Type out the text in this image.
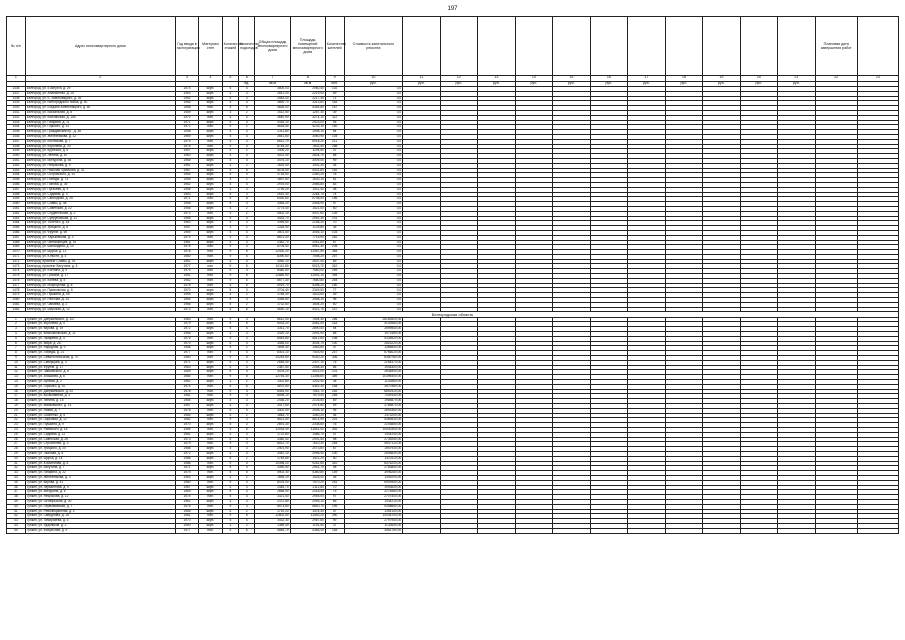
197
№ п/п	Адрес многоквартирного дома	Год ввода в эксплуатацию	Материал стен	Количество этажей	Количество подъездов	Общая площадь многоквартирного дома	Площадь помещений многоквартирного дома	Количество жителей	Стоимость капитального ремонта												Плановая дата завершения работ	
1	2	3	4	5	6	7	8	9	10	11	12	13	14	15	16	17	18	19	20	21	22	23
					ед.	кв.м	кв.м	чел.	руб.	руб.	руб.	руб.	руб.	руб.	руб.	руб.	руб.	руб.	руб.	руб.		
1436	Белгород, ул. 5 Августа, д. 29	1974	кирп.	5	4	3500,03	2980,40	102	0,0													
1437	Белгород, ул. Апанасенко, д. 25	1963	кирп.	4	3	2641,00	2219,00	69	0,0													
1438	Белгород, ул. Б. Хмельницкого, д. 26	1962	кирп.	4	3	2583,40	2217,30	71	0,0													
1439	Белгород, ул. Белгородского полка, д. 40	1966	кирп.	5	4	3890,70	3313,60	118	0,0													
1440	Белгород, ул. Богдана Хмельницкого, д. 60	1968	пан.	5	6	4826,00	4354,80	167	0,0													
1441	Белгород, ул. Вокзальная, д. 8	1959	кирп.	3	2	1512,50	1287,30	39	0,0													
1442	Белгород, ул. Волчанская, д. 155	1970	пан.	5	4	3640,90	3274,10	112	0,0													
1443	Белгород, ул. Гагарина, д. 11	1971	кирп.	5	4	3316,10	2923,00	95	0,0													
1444	Белгород, ул. Горького, д. 51	1972	пан.	9	2	4618,50	4133,10	140	0,0													
1445	Белгород, ул. Гражданский пр., д. 38	1958	кирп.	4	3	2311,80	1998,10	64	0,0													
1446	Белгород, ул. Железнякова, д. 12	1969	кирп.	5	4	3541,60	3080,90	104	0,0													
1447	Белгород, ул. Костюкова, д. 7	1975	пан.	9	3	6812,70	6018,20	211	0,0													
1448	Белгород, ул. Королёва, д. 24	1976	пан.	9	4	8745,30	7802,40	268	0,0													
1449	Белгород, ул. Крупской, д. 5	1957	кирп.	3	2	1406,20	1194,50	37	0,0													
1450	Белгород, ул. Ленина, д. 67	1960	кирп.	4	4	3022,40	2604,70	88	0,0													
1451	Белгород, ул. Мичурина, д. 56	1965	кирп.	5	4	3475,10	3009,00	99	0,0													
1452	Белгород, ул. Некрасова, д. 9	1961	кирп.	4	2	1620,00	1402,30	45	0,0													
1453	Белгород, ул. Николая Чумичова, д. 31	1967	кирп.	5	6	5104,40	4431,60	152	0,0													
1454	Белгород, ул. Островского, д. 14	1964	кирп.	4	3	2718,90	2350,20	76	0,0													
1455	Белгород, ул. Победы, д. 73	1955	кирп.	4	2	1897,60	1630,10	51	0,0													
1456	Белгород, ул. Попова, д. 36	1962	кирп.	4	4	2975,00	2566,80	83	0,0													
1457	Белгород, ул. Пугачёва, д. 5	1958	кирп.	3	3	1739,20	1511,40	48	0,0													
1458	Белгород, ул. Садовая, д. 3	1963	кирп.	5	3	2610,30	2264,70	74	0,0													
1459	Белгород, ул. Свободная, д. 25	1971	пан.	5	8	6430,80	5708,50	196	0,0													
1460	Белгород, ул. Славы, д. 48	1968	кирп.	5	4	3384,20	2948,90	97	0,0													
1461	Белгород, ул. Советская, д. 22	1956	кирп.	4	2	1774,40	1521,00	50	0,0													
1462	Белгород, ул. Студенческая, д. 2	1973	пан.	9	2	4502,10	4007,60	139	0,0													
1463	Белгород, ул. Супруновская, д. 11	1966	кирп.	5	4	3433,70	2992,30	101	0,0													
1464	Белгород, ул. Толстого, д. 44	1960	кирп.	4	3	2495,60	2158,20	70	0,0													
1465	Белгород, ул. Урицкого, д. 8	1957	кирп.	3	2	1318,90	1129,80	35	0,0													
1466	Белгород, ул. Фрунзе, д. 69	1969	кирп.	5	4	3501,50	3046,10	103	0,0													
1467	Белгород, ул. Харьковская, д. 3	1974	пан.	9	4	8621,00	7715,90	262	0,0													
1468	Белгород, ул. Челюскинцев, д. 51	1961	кирп.	4	3	2382,70	2051,60	67	0,0													
1469	Белгород, ул. Шаландина, д. 10	1975	пан.	9	3	6705,40	5961,30	205	0,0													
1470	Белгород, ул. Щорса, д. 12	1978	пан.	9	6	12430,20	11087,50	384	0,0													
1471	Белгород, ул. Юности, д. 4	1980	пан.	9	4	8390,60	7498,20	257	0,0													
1472	Белгород, проспект Славы, д. 91	1962	кирп.	4	4	3060,10	2637,40	89	0,0													
1473	Белгород, проспект Ватутина, д. 4	1977	пан.	9	5	10112,80	9023,70	310	0,0													
1474	Белгород, ул. Есенина, д. 9	1979	пан.	9	4	8480,50	7580,00	259	0,0													
1475	Белгород, ул. Губкина, д. 17	1981	пан.	9	6	12880,90	11492,10	395	0,0													
1476	Белгород, ул. Конева, д. 5	1982	пан.	9	4	8577,30	7660,80	264	0,0													
1477	Белгород, ул. Мокроусова, д. 8	1976	пан.	5	6	4919,70	4398,20	150	0,0													
1478	Белгород, ул. Привольная, д. 6	1970	кирп.	5	3	2704,40	2349,50	77	0,0													
1479	Белгород, ул. Пушкина, д. 55	1959	кирп.	4	2	1785,30	1533,60	49	0,0													
1480	Белгород, ул. Рабочая, д. 14	1964	кирп.	5	4	3398,80	2958,10	98	0,0													
1481	Белгород, ул. Чапаева, д. 2	1966	кирп.	5	2	1732,60	1504,20	50	0,0													
1482	Белгород, ул. Широкая, д. 12	1973	пан.	5	6	4830,10	4321,70	147	0,0													
Белгородская область																						
1	Губкин, ул. Дзержинского, д. 107	1983	пан.	9	4	8612,40	7694,30	256	26182600,00													
2	Губкин, ул. Королёва, д. 5	1979	кирп.	5	6	5033,20	4481,50	143	4102680,00													
3	Губкин, ул. Кирова, д. 19	1972	кирп.	5	4	3311,70	2890,40	94	2699540,00													
4	Губкин, ул. Комсомольская, д. 11	1968	кирп.	4	3	2420,10	2091,90	68	1972480,00													
5	Губкин, ул. Лазарева, д. 4	1975	пан.	9	3	6544,80	5812,60	198	5335920,00													
6	Губкин, ул. Мира, д. 28	1970	кирп.	5	4	3455,00	3004,70	100	2816220,00													
7	Губкин, ул. Народная, д. 9	1966	кирп.	4	2	1699,30	1463,80	47	1385840,00													
8	Губкин, ул. Победы, д. 21	1977	пан.	9	4	8301,10	7403,90	247	6766020,00													
9	Губкин, ул. Севастопольская, д. 70	1980	пан.	9	5	10245,60	9140,20	306	8350780,00													
10	Губкин, ул. Скворцова, д. 3	1971	кирп.	5	3	2655,40	2307,10	75	2164470,00													
11	Губкин, ул. Фрунзе, д. 17	1963	кирп.	4	3	2387,50	2058,30	66	1945300,00													
12	Губкин, ул. Чайковского, д. 8	1969	кирп.	5	4	3478,20	3022,00	101	2834890,00													
13	Губкин, ул. Агошкова, д. 6	1984	пан.	9	6	12754,30	11398,60	389	10396400,00													
14	Губкин, ул. Артёма, д. 2	1962	кирп.	3	2	1402,80	1202,40	38	1143580,00													
15	Губкин, ул. Горького, д. 10	1974	пан.	5	6	4870,50	4352,30	148	3970380,00													
16	Губкин, ул. Дзержинского, д. 92	1978	пан.	9	4	8454,90	7551,70	252	6892410,00													
17	Губкин, ул. Космонавтов, д. 4	1981	пан.	9	4	8598,10	7679,40	255	7009140,00													
18	Губкин, ул. Ленина, д. 15	1965	кирп.	4	3	2436,20	2103,50	69	1985870,00													
19	Губкин, ул. Маяковского, д. 13	1967	кирп.	5	4	3417,60	2974,80	99	2785870,00													
20	Губкин, ул. Новая, д. 7	1976	пан.	5	4	3302,00	2936,10	96	2691560,00													
21	Губкин, ул. Осипенко, д. 5	1964	кирп.	4	2	1684,70	1450,20	46	1373200,00													
22	Губкин, ул. Парковая, д. 12	1982	пан.	9	3	6611,50	5874,90	201	5389530,00													
23	Губкин, ул. Пушкина, д. 9	1970	кирп.	5	3	2691,30	2338,60	76	2193850,00													
24	Губкин, ул. Раевского, д. 18	1985	пан.	9	6	12918,40	11541,00	392	10530300,00													
25	Губкин, ул. Садовая, д. 11	1961	кирп.	3	3	1722,60	1486,70	47	1404240,00													
26	Губкин, ул. Советская, д. 26	1973	пан.	5	4	3360,40	2991,50	98	2739260,00													
27	Губкин, ул. Строителей, д. 3	1979	пан.	9	4	8522,70	7610,30	254	6947110,00													
28	Губкин, ул. Урицкого, д. 20	1966	кирп.	4	3	2401,90	2073,60	67	1957930,00													
29	Губкин, ул. Чкалова, д. 8	1972	кирп.	5	4	3442,10	2996,40	100	2805830,00													
30	Губкин, ул. Щорса, д. 14	1968	кирп.	5	2	1745,80	1511,20	50	1423110,00													
31	Губкин, ул. Юбилейная, д. 5	1986	пан.	9	5	10398,20	9281,60	310	8476200,00													
32	Губкин, ул. Ватутина, д. 7	1971	кирп.	5	4	3390,50	2951,70	98	2763850,00													
33	Губкин, ул. Гагарина, д. 22	1975	пан.	5	6	4902,30	4380,80	149	3996280,00													
34	Губкин, ул. Железнякова, д. 3	1963	кирп.	4	2	1655,10	1425,00	45	1349200,00													
35	Губкин, ул. Кирова, д. 41	1980	пан.	9	4	8476,00	7570,20	251	6909450,00													
36	Губкин, ул. Лермонтова, д. 9	1967	кирп.	4	3	2445,70	2112,80	70	1993630,00													
37	Губкин, ул. Мичурина, д. 6	1969	кирп.	5	3	2668,90	2318,40	75	2175580,00													
38	Губкин, ул. Некрасова, д. 12	1974	пан.	5	4	3321,40	2955,00	97	2707400,00													
39	Губкин, ул. Октябрьская, д. 30	1962	кирп.	4	3	2372,80	2046,10	66	1934210,00													
40	Губкин, ул. Первомайская, д. 7	1976	пан.	9	3	6573,60	5840,70	199	5358660,00													
41	Губкин, ул. Революционная, д. 4	1965	кирп.	4	2	1710,20	1474,30	47	1394140,00													
42	Губкин, ул. Свердлова, д. 15	1981	пан.	9	6	12802,50	11440,20	390	10436700,00													
43	Губкин, ул. Тимирязева, д. 5	1970	кирп.	5	4	3432,30	2987,60	99	2797950,00													
44	Губкин, ул. Ударников, д. 2	1960	кирп.	3	2	1389,40	1191,50	37	1132640,00													
45	Губкин, ул. Фабричная, д. 9	1977	пан.	5	6	4885,70	4366,40	148	3982780,00													
